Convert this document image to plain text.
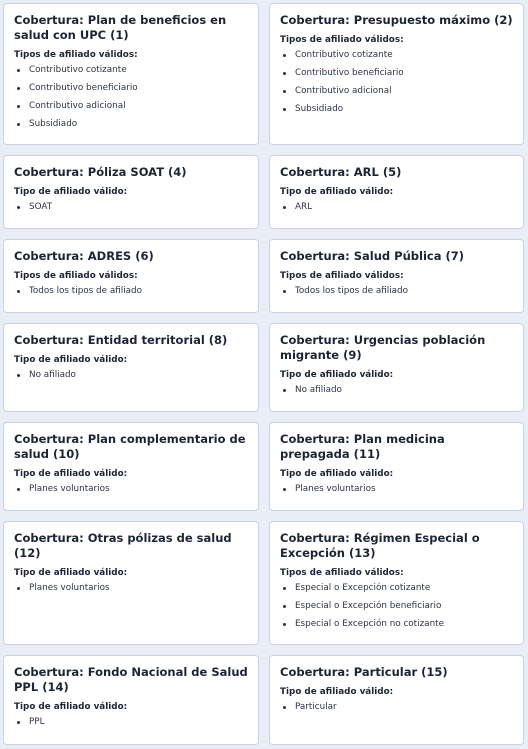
Cobertura: Plan de beneficios en salud con UPC (1)
Tipos de afiliado válidos:
Contributivo cotizante
Contributivo beneficiario
Contributivo adicional
Subsidiado
Cobertura: Presupuesto máximo (2)
Tipos de afiliado válidos:
Contributivo cotizante
Contributivo beneficiario
Contributivo adicional
Subsidiado
Cobertura: Póliza SOAT (4)
Tipo de afiliado válido:
SOAT
Cobertura: ARL (5)
Tipo de afiliado válido:
ARL
Cobertura: ADRES (6)
Tipos de afiliado válidos:
Todos los tipos de afiliado
Cobertura: Salud Pública (7)
Tipos de afiliado válidos:
Todos los tipos de afiliado
Cobertura: Entidad territorial (8)
Tipo de afiliado válido:
No afiliado
Cobertura: Urgencias población migrante (9)
Tipo de afiliado válido:
No afiliado
Cobertura: Plan complementario de salud (10)
Tipo de afiliado válido:
Planes voluntarios
Cobertura: Plan medicina prepagada (11)
Tipo de afiliado válido:
Planes voluntarios
Cobertura: Otras pólizas de salud (12)
Tipo de afiliado válido:
Planes voluntarios
Cobertura: Régimen Especial o Excepción (13)
Tipos de afiliado válidos:
Especial o Excepción cotizante
Especial o Excepción beneficiario
Especial o Excepción no cotizante
Cobertura: Fondo Nacional de Salud PPL (14)
Tipo de afiliado válido:
PPL
Cobertura: Particular (15)
Tipo de afiliado válido:
Particular
